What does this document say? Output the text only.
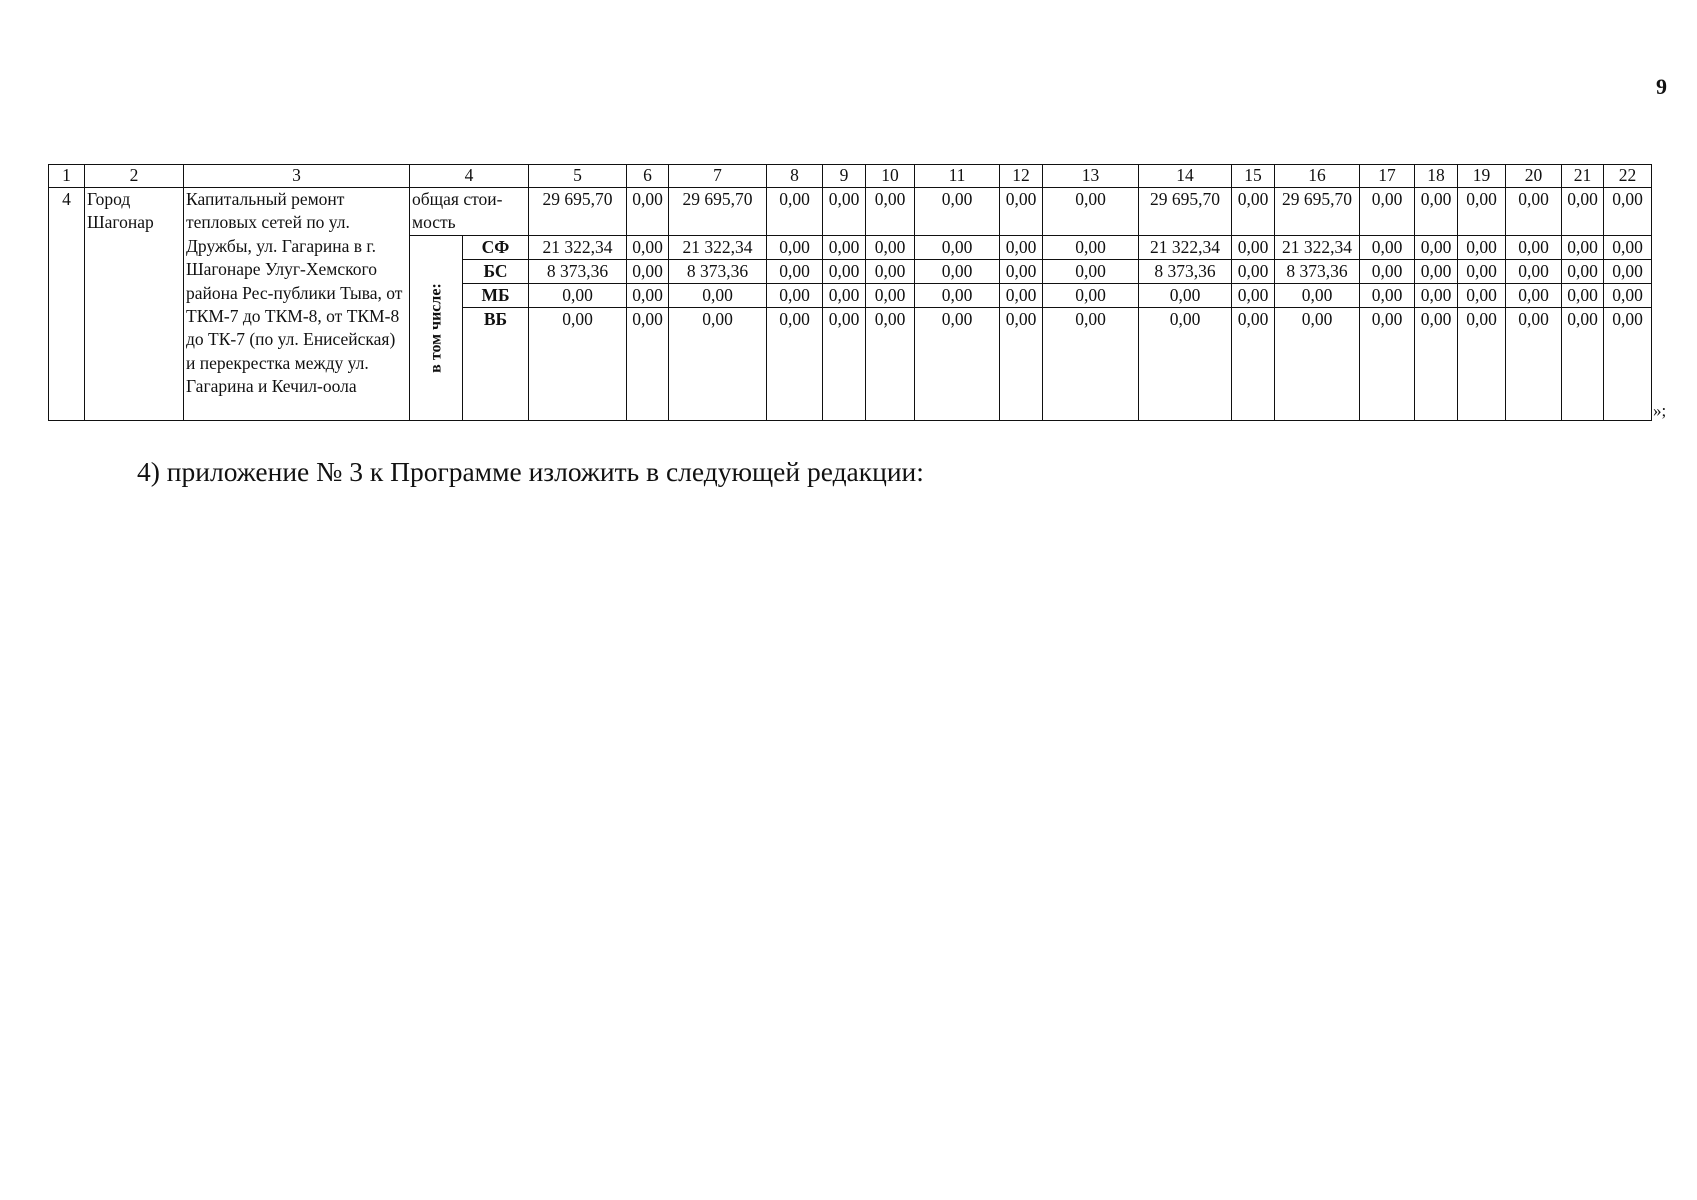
9
1	2	3	4		5	6	7	8	9	10	11	12	13	14	15	16	17	18	19	20	21	22
4	Город Шагонар	Капитальный ремонт тепловых сетей по ул. Дружбы, ул. Гагарина в г. Шагонаре Улуг-Хемского района Рес-публики Тыва, от ТКМ-7 до ТКМ-8, от ТКМ-8 до ТК-7 (по ул. Енисейская) и перекрестка между ул. Гагарина и Кечил-оола	общая стои-мость		29 695,70	0,00	29 695,70	0,00	0,00	0,00	0,00	0,00	0,00	29 695,70	0,00	29 695,70	0,00	0,00	0,00	0,00	0,00	0,00

			в том числе:	СФ	21 322,34	0,00	21 322,34	0,00	0,00	0,00	0,00	0,00	0,00	21 322,34	0,00	21 322,34	0,00	0,00	0,00	0,00	0,00	0,00
				БС	8 373,36	0,00	8 373,36	0,00	0,00	0,00	0,00	0,00	0,00	8 373,36	0,00	8 373,36	0,00	0,00	0,00	0,00	0,00	0,00
				МБ	0,00	0,00	0,00	0,00	0,00	0,00	0,00	0,00	0,00	0,00	0,00	0,00	0,00	0,00	0,00	0,00	0,00	0,00
				ВБ	0,00	0,00	0,00	0,00	0,00	0,00	0,00	0,00	0,00	0,00	0,00	0,00	0,00	0,00	0,00	0,00	0,00	0,00
»;
4) приложение № 3 к Программе изложить в следующей редакции:
